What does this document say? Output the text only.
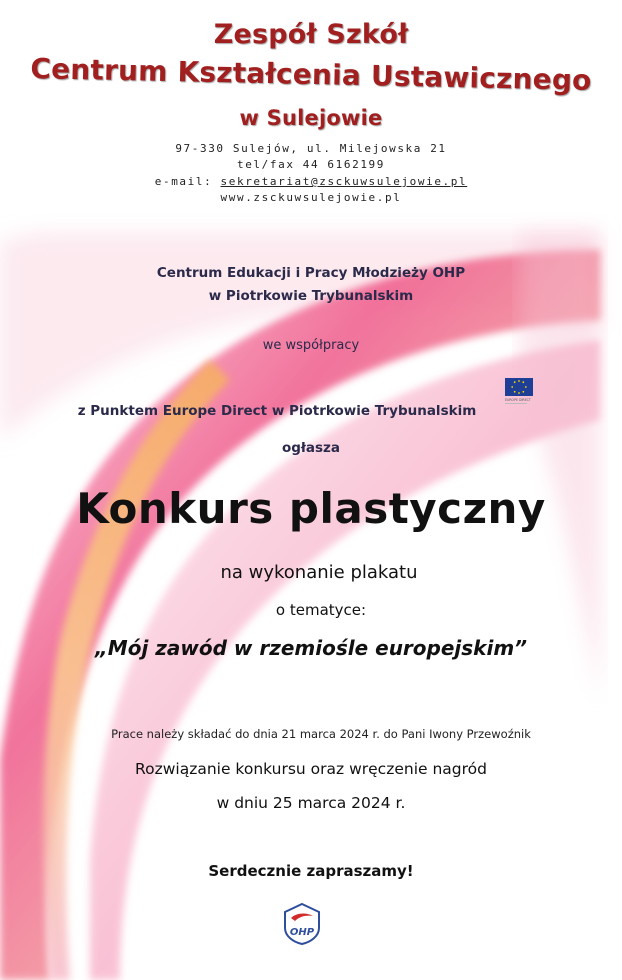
Zespół Szkół
Centrum Kształcenia Ustawicznego
w Sulejowie
97-330 Sulejów, ul. Milejowska 21
tel/fax 44 6162199
e-mail: sekretariat@zsckuwsulejowie.pl
www.zsckuwsulejowie.pl
Centrum Edukacji i Pracy Młodzieży OHP
w Piotrkowie Trybunalskim
we współpracy
z Punktem Europe Direct w Piotrkowie Trybunalskim
EUROPE DIRECT
ogłasza
Konkurs plastyczny
na wykonanie plakatu
o tematyce:
„Mój zawód w rzemiośle europejskim”
Prace należy składać do dnia 21 marca 2024 r. do Pani Iwony Przewoźnik
Rozwiązanie konkursu oraz wręczenie nagród
w dniu 25 marca 2024 r.
Serdecznie zapraszamy!
OHP
